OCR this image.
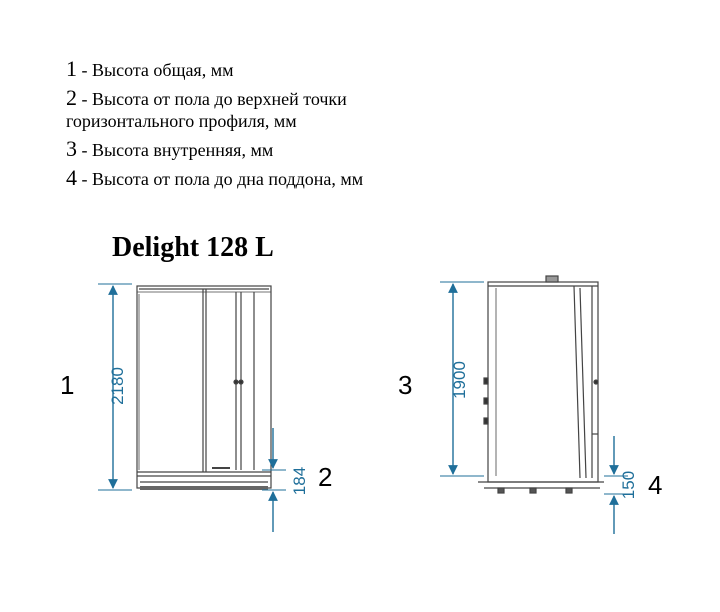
1 - Высота общая, мм
2 - Высота от пола до верхней точки горизонтального профиля, мм
3 - Высота внутренняя, мм
4 - Высота от пола до дна поддона, мм
Delight 128 L
2180
184
1900
150
1
2
3
4
